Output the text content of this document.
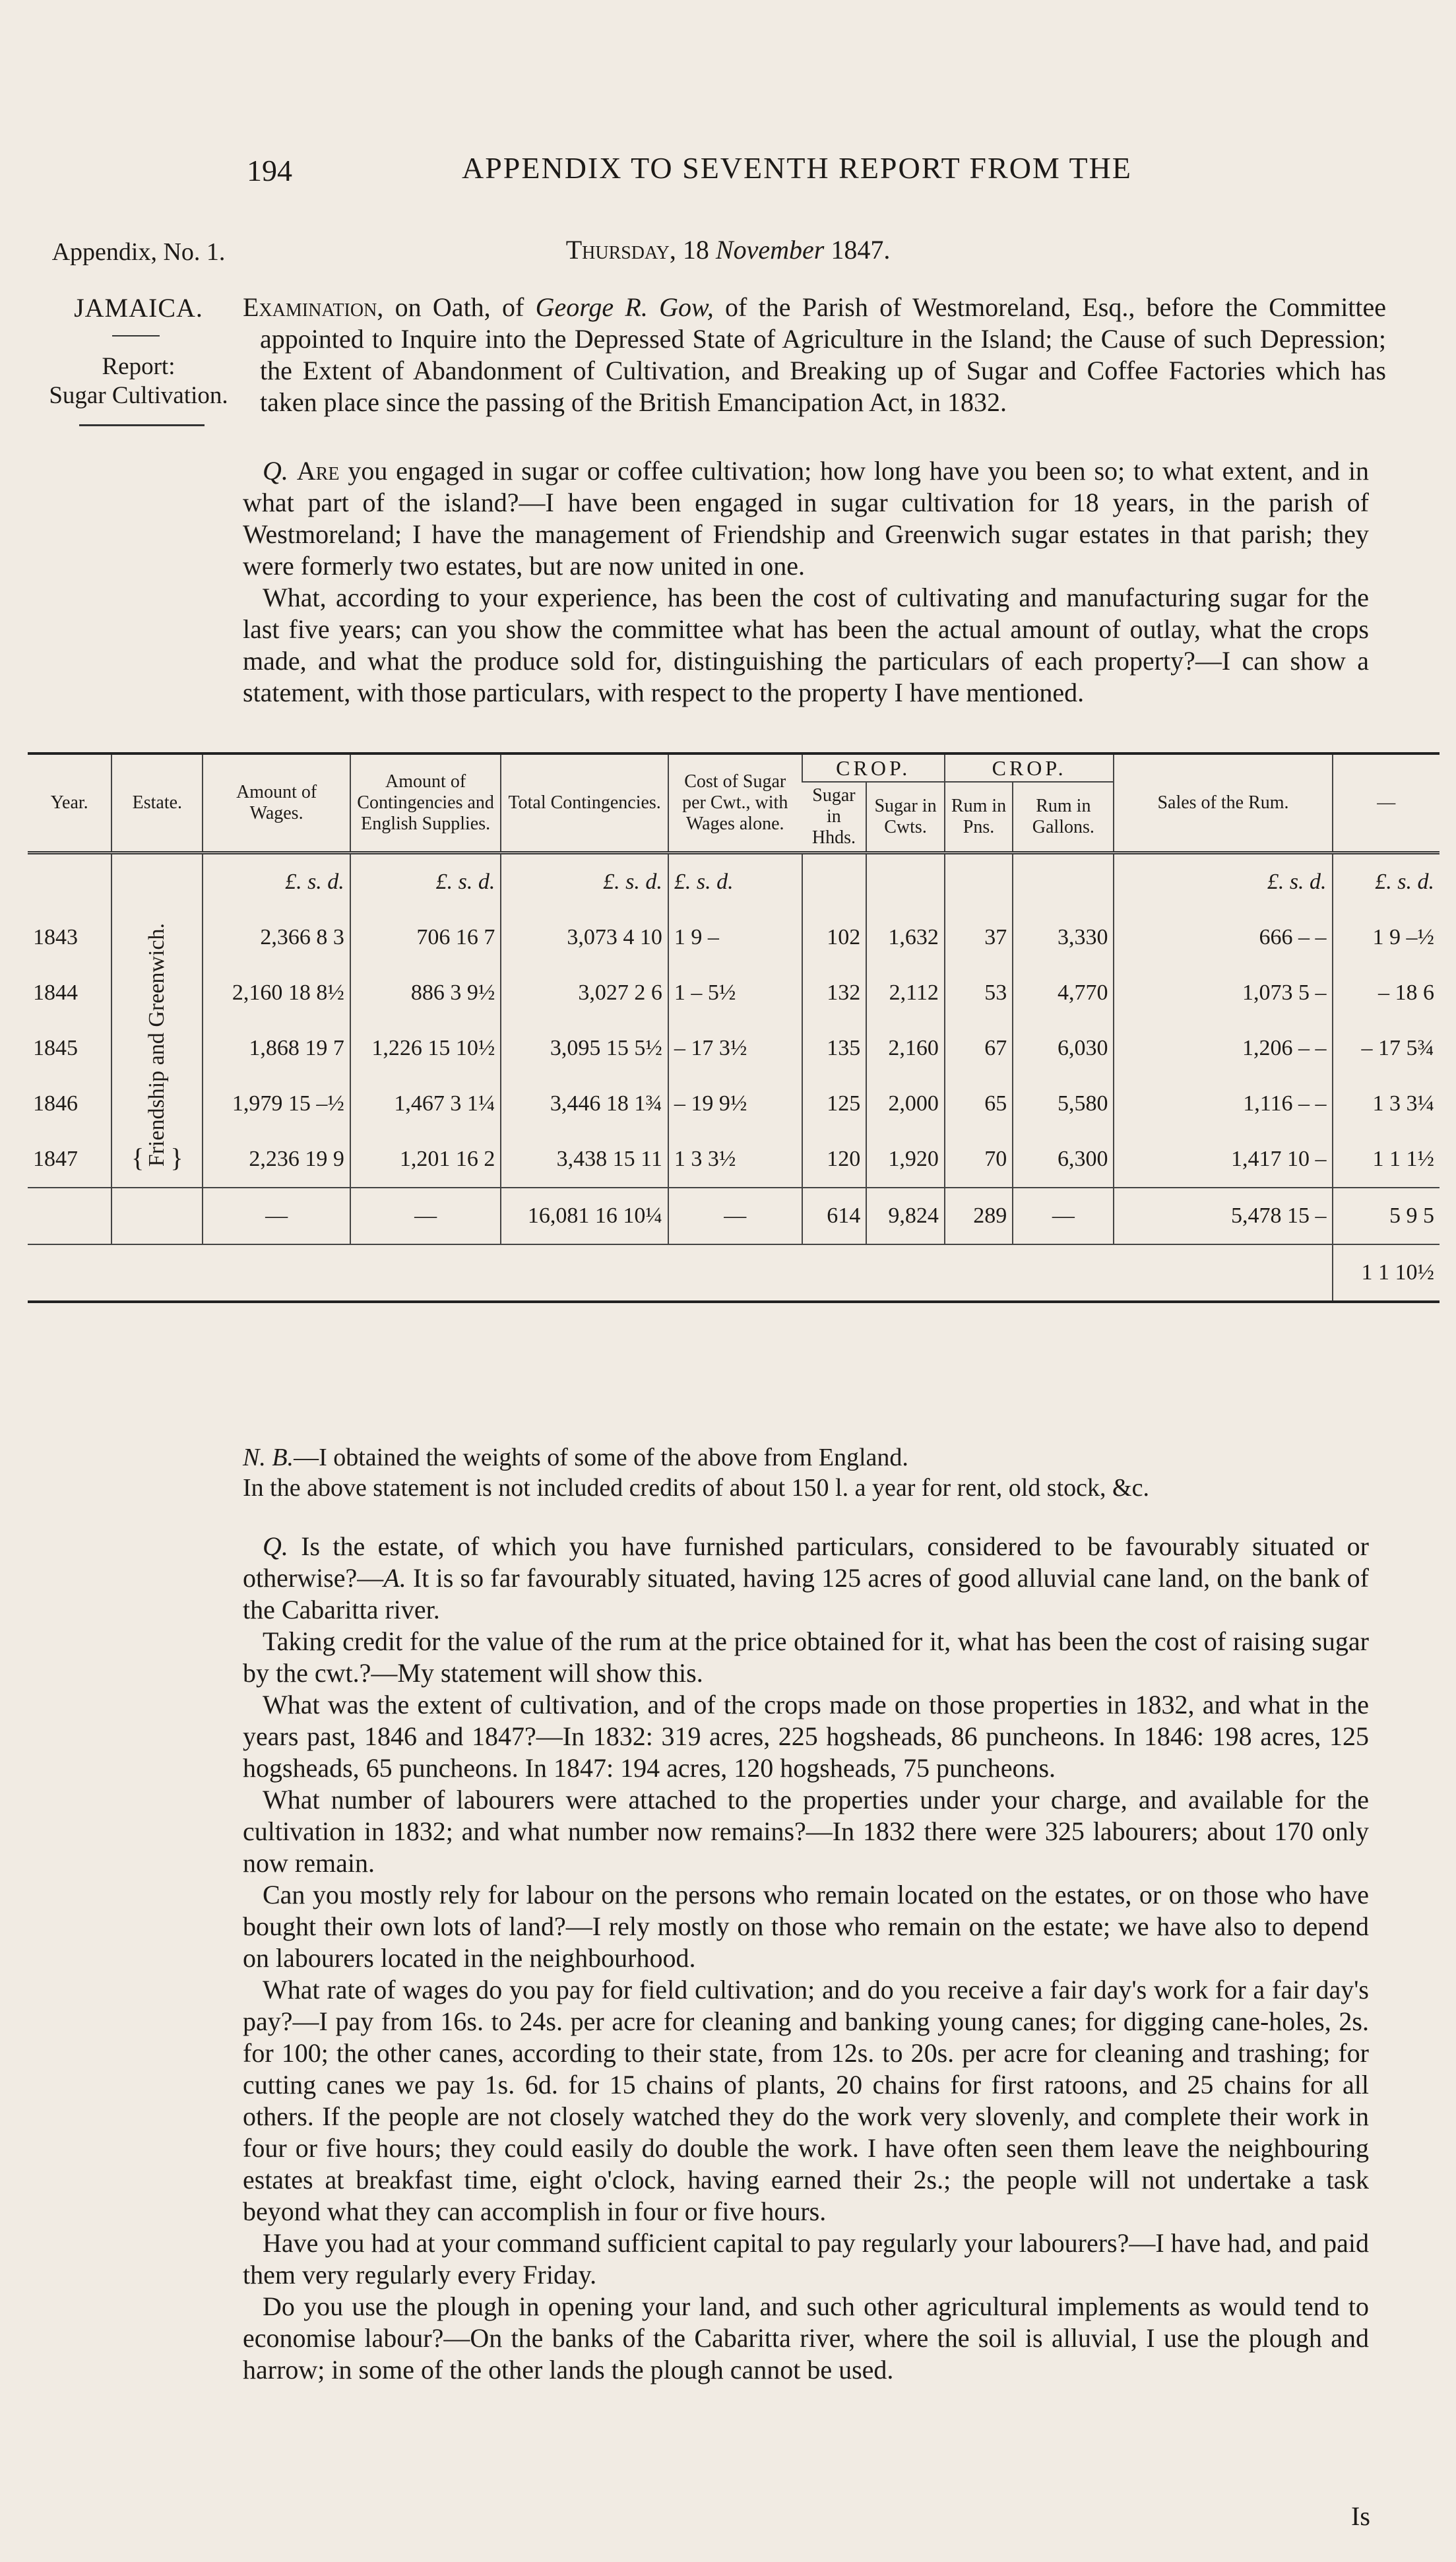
194	APPENDIX TO SEVENTH REPORT FROM THE
Appendix, No. 1.
JAMAICA.
Report:
Sugar Cultivation.
Thursday, 18 November 1847.
Examination, on Oath, of George R. Gow, of the Parish of Westmoreland, Esq., before the Committee appointed to Inquire into the Depressed State of Agriculture in the Island; the Cause of such Depression; the Extent of Abandonment of Cultivation, and Breaking up of Sugar and Coffee Factories which has taken place since the passing of the British Emancipation Act, in 1832.

Q. Are you engaged in sugar or coffee cultivation; how long have you been so; to what extent, and in what part of the island?—I have been engaged in sugar cultivation for 18 years, in the parish of Westmoreland; I have the management of Friendship and Greenwich sugar estates in that parish; they were formerly two estates, but are now united in one.

What, according to your experience, has been the cost of cultivating and manufacturing sugar for the last five years; can you show the committee what has been the actual amount of outlay, what the crops made, and what the produce sold for, distinguishing the particulars of each property?—I can show a statement, with those particulars, with respect to the property I have mentioned.

Year.	Estate.	Amount of Wages.	Amount of Contingencies and English Supplies.	Total Contingencies.	Cost of Sugar per Cwt., with Wages alone.	CROP.		CROP.		Sales of the Rum.	—
						Sugar in Hhds.	Sugar in Cwts.	Rum in Pns.	Rum in Gallons.		
		£. s. d.	£. s. d.	£. s. d.	£. s. d.					£. s. d.	£. s. d.
1843	{Friendship and Greenwich.}	2,366 8 3	706 16 7	3,073 4 10	1 9 –	102	1,632	37	3,330	666 – –	1 9 –½
1844		2,160 18 8½	886 3 9½	3,027 2 6	1 – 5½	132	2,112	53	4,770	1,073 5 –	– 18 6
1845		1,868 19 7	1,226 15 10½	3,095 15 5½	– 17 3½	135	2,160	67	6,030	1,206 – –	– 17 5¾
1846		1,979 15 –½	1,467 3 1¼	3,446 18 1¾	– 19 9½	125	2,000	65	5,580	1,116 – –	1 3 3¼
1847		2,236 19 9	1,201 16 2	3,438 15 11	1 3 3½	120	1,920	70	6,300	1,417 10 –	1 1 1½
		—	—	16,081 16 10¼	—	614	9,824	289	—	5,478 15 –	5 9 5
											1 1 10½

N. B.—I obtained the weights of some of the above from England.

In the above statement is not included credits of about 150 l. a year for rent, old stock, &c.

Q. Is the estate, of which you have furnished particulars, considered to be favourably situated or otherwise?—A. It is so far favourably situated, having 125 acres of good alluvial cane land, on the bank of the Cabaritta river.

Taking credit for the value of the rum at the price obtained for it, what has been the cost of raising sugar by the cwt.?—My statement will show this.

What was the extent of cultivation, and of the crops made on those properties in 1832, and what in the years past, 1846 and 1847?—In 1832: 319 acres, 225 hogsheads, 86 puncheons. In 1846: 198 acres, 125 hogsheads, 65 puncheons. In 1847: 194 acres, 120 hogsheads, 75 puncheons.

What number of labourers were attached to the properties under your charge, and available for the cultivation in 1832; and what number now remains?—In 1832 there were 325 labourers; about 170 only now remain.

Can you mostly rely for labour on the persons who remain located on the estates, or on those who have bought their own lots of land?—I rely mostly on those who remain on the estate; we have also to depend on labourers located in the neighbourhood.

What rate of wages do you pay for field cultivation; and do you receive a fair day's work for a fair day's pay?—I pay from 16s. to 24s. per acre for cleaning and banking young canes; for digging cane-holes, 2s. for 100; the other canes, according to their state, from 12s. to 20s. per acre for cleaning and trashing; for cutting canes we pay 1s. 6d. for 15 chains of plants, 20 chains for first ratoons, and 25 chains for all others. If the people are not closely watched they do the work very slovenly, and complete their work in four or five hours; they could easily do double the work. I have often seen them leave the neighbouring estates at breakfast time, eight o'clock, having earned their 2s.; the people will not undertake a task beyond what they can accomplish in four or five hours.

Have you had at your command sufficient capital to pay regularly your labourers?—I have had, and paid them very regularly every Friday.

Do you use the plough in opening your land, and such other agricultural implements as would tend to economise labour?—On the banks of the Cabaritta river, where the soil is alluvial, I use the plough and harrow; in some of the other lands the plough cannot be used.

Is
